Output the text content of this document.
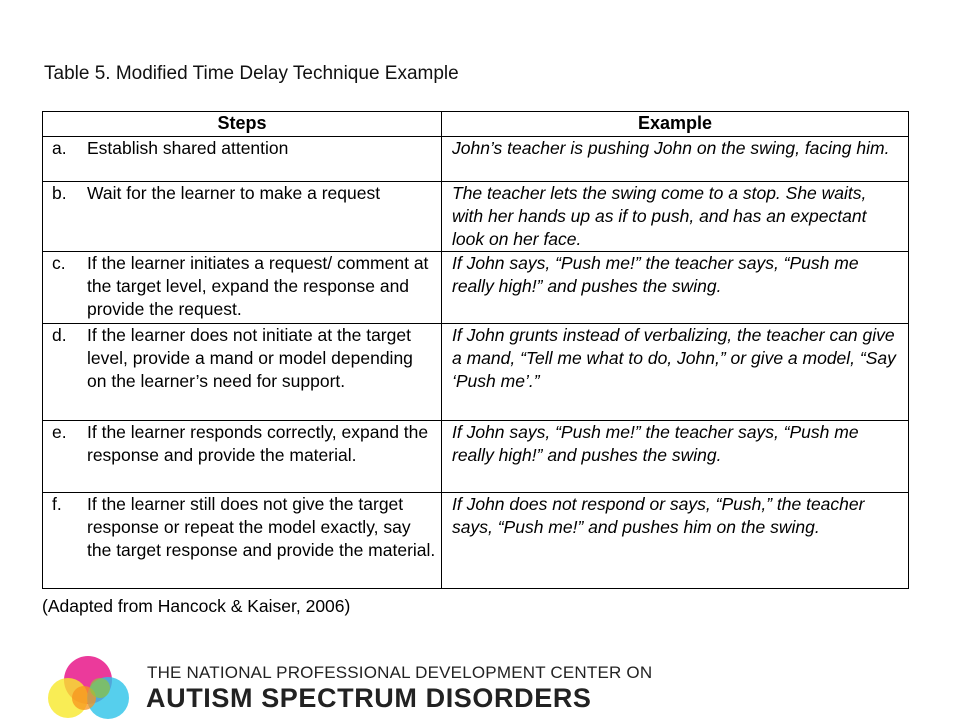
Table 5. Modified Time Delay Technique Example
Steps	Example

a. Establish shared attention	John’s teacher is pushing John on the swing, facing him.

b. Wait for the learner to make a request	The teacher lets the swing come to a stop. She waits, with her hands up as if to push, and has an expectant look on her face.

c. If the learner initiates a request/ comment at the target level, expand the response and provide the request.	If John says, “Push me!” the teacher says, “Push me really high!” and pushes the swing.

d. If the learner does not initiate at the target level, provide a mand or model depending on the learner’s need for support.	If John grunts instead of verbalizing, the teacher can give a mand, “Tell me what to do, John,” or give a model, “Say ‘Push me’.”

e. If the learner responds correctly, expand the response and provide the material.	If John says, “Push me!” the teacher says, “Push me really high!” and pushes the swing.

f. If the learner still does not give the target response or repeat the model exactly, say the target response and provide the material.	If John does not respond or says, “Push,” the teacher says, “Push me!” and pushes him on the swing.
(Adapted from Hancock & Kaiser, 2006)
THE NATIONAL PROFESSIONAL DEVELOPMENT CENTER ON
AUTISM SPECTRUM DISORDERS
